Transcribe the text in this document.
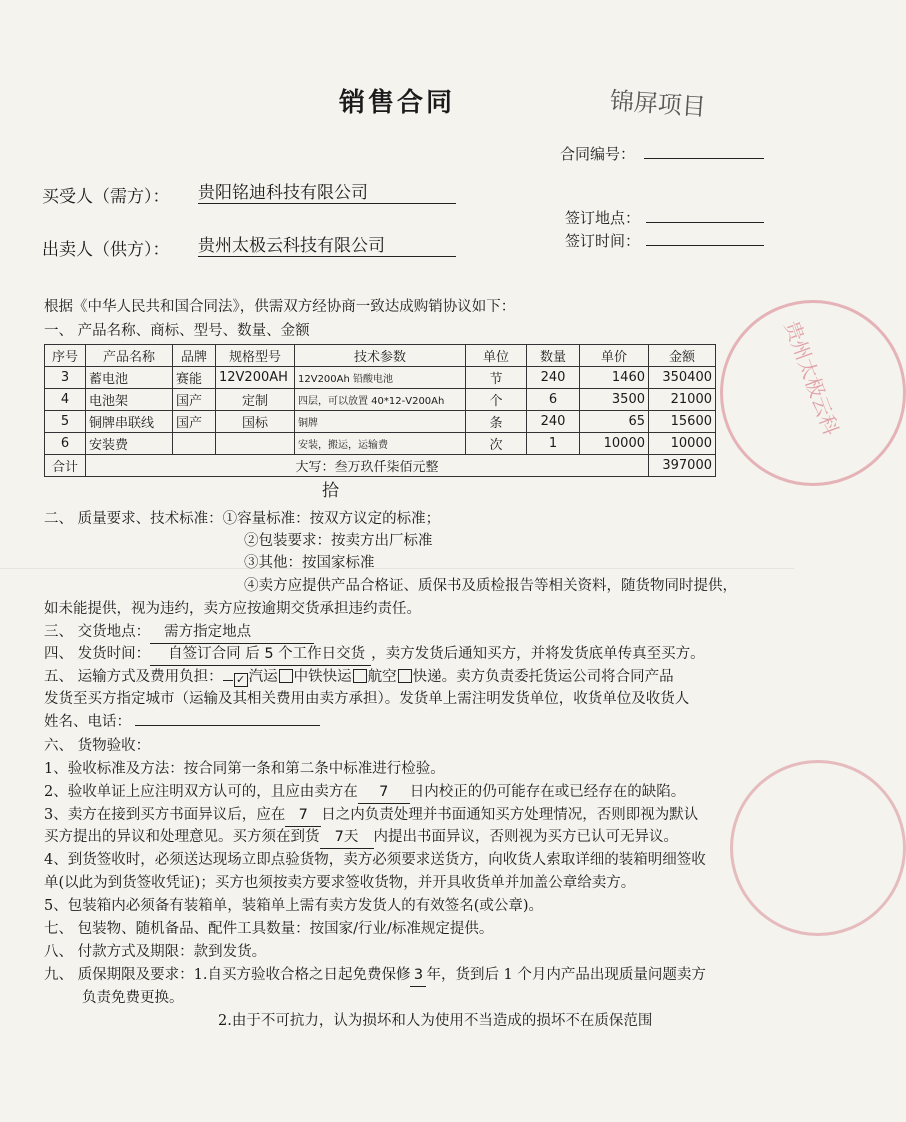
贵州太极云科
销售合同	锦屏项目
合同编号：
买受人（需方）： 贵阳铭迪科技有限公司
签订地点：
出卖人（供方）： 贵州太极云科技有限公司	签订时间：
根据《中华人民共和国合同法》，供需双方经协商一致达成购销协议如下：
一、 产品名称、商标、型号、数量、金额
序号	产品名称	品牌	规格型号	技术参数	单位	数量	单价	金额
3	蓄电池	赛能	12V200AH	12V200Ah 铅酸电池	节	240	1460	350400
4	电池架	国产	定制	四层，可以放置 40*12-V200Ah	个	6	3500	21000
5	铜牌串联线	国产	国标	铜牌	条	240	65	15600
6	安装费			安装，搬运，运输费	次	1	10000	10000
合计	大写：叁万玖仟柒佰元整							397000
拾
二、 质量要求、技术标准：①容量标准：按双方议定的标准；
②包装要求：按卖方出厂标准
③其他：按国家标准
④卖方应提供产品合格证、质保书及质检报告等相关资料，随货物同时提供，
如未能提供，视为违约，卖方应按逾期交货承担违约责任。
三、 交货地点： 需方指定地点
四、 发货时间： 自签订合同 后 5 个工作日交货 ，卖方发货后通知买方，并将发货底单传真至买方。
五、 运输方式及费用负担： ✓ 汽运 中铁快运 航空 快递。卖方负责委托货运公司将合同产品
发货至买方指定城市（运输及其相关费用由卖方承担）。发货单上需注明发货单位，收货单位及收货人
姓名、电话：
六、 货物验收：
1、验收标准及方法：按合同第一条和第二条中标准进行检验。
2、验收单证上应注明双方认可的，且应由卖方在 7 日内校正的仍可能存在或已经存在的缺陷。
3、卖方在接到买方书面异议后，应在 7 日之内负责处理并书面通知买方处理情况，否则即视为默认
买方提出的异议和处理意见。买方须在到货 7天 内提出书面异议，否则视为买方已认可无异议。
4、到货签收时，必须送达现场立即点验货物，卖方必须要求送货方，向收货人索取详细的装箱明细签收
单(以此为到货签收凭证)；买方也须按卖方要求签收货物，并开具收货单并加盖公章给卖方。
5、包装箱内必须备有装箱单，装箱单上需有卖方发货人的有效签名(或公章)。
七、 包装物、随机备品、配件工具数量：按国家/行业/标准规定提供。
八、 付款方式及期限：款到发货。
九、 质保期限及要求：1.自买方验收合格之日起免费保修 3 年，货到后 1 个月内产品出现质量问题卖方
负责免费更换。
2.由于不可抗力，认为损坏和人为使用不当造成的损坏不在质保范围
